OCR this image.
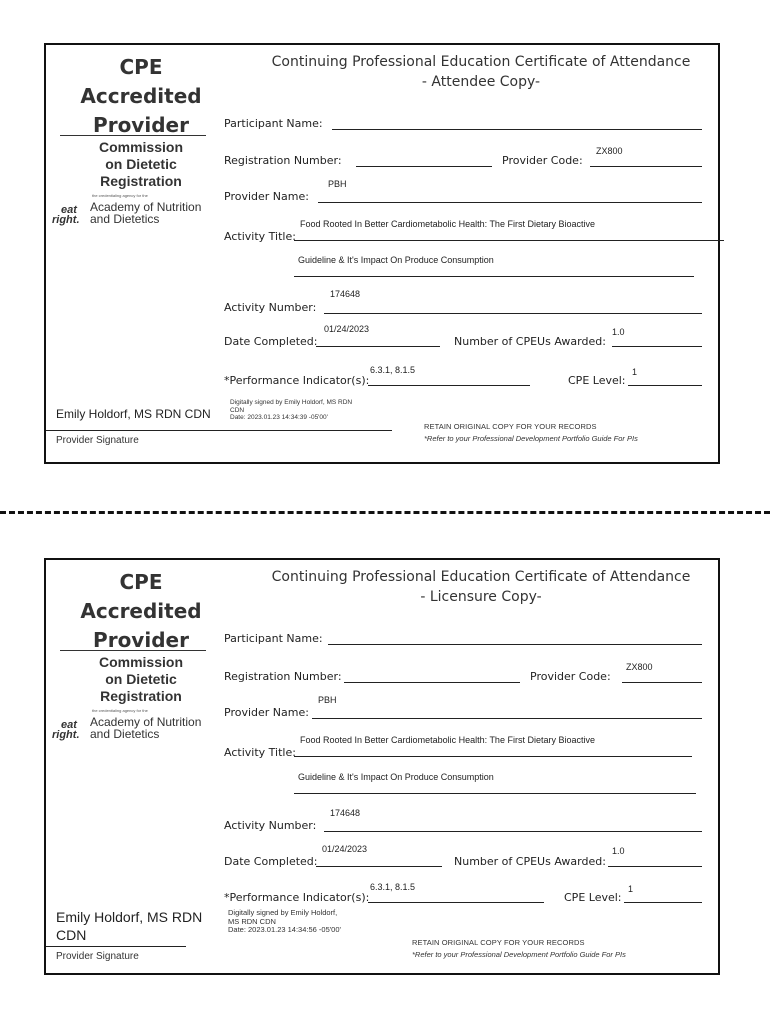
CPE
Accredited
Provider
Commission
on Dietetic
Registration
the credentialing agency for the
eat
right.
Academy of Nutrition
and Dietetics
Continuing Professional Education Certificate of Attendance
- Attendee Copy-
Participant Name:
Registration Number:	Provider Code:
ZX800
Provider Name:
PBH
Activity Title:
Food Rooted In Better Cardiometabolic Health: The First Dietary Bioactive
Guideline & It's Impact On Produce Consumption
Activity Number:
174648
Date Completed:
01/24/2023
Number of CPEUs Awarded:
1.0
*Performance Indicator(s):
6.3.1, 8.1.5
CPE Level:
1
Emily Holdorf, MS RDN CDN
Digitally signed by Emily Holdorf, MS RDN
CDN
Date: 2023.01.23 14:34:39 -05'00'
Provider Signature
RETAIN ORIGINAL COPY FOR YOUR RECORDS
*Refer to your Professional Development Portfolio Guide For PIs
CPE
Accredited
Provider
Commission
on Dietetic
Registration
the credentialing agency for the
eat
right.
Academy of Nutrition
and Dietetics
Continuing Professional Education Certificate of Attendance
- Licensure Copy-
Participant Name:
Registration Number:	Provider Code:
ZX800
Provider Name:
PBH
Activity Title:
Food Rooted In Better Cardiometabolic Health: The First Dietary Bioactive
Guideline & It's Impact On Produce Consumption
Activity Number:
174648
Date Completed:
01/24/2023
Number of CPEUs Awarded:
1.0
*Performance Indicator(s):
6.3.1, 8.1.5
CPE Level:
1
Emily Holdorf, MS RDN
CDN
Digitally signed by Emily Holdorf,
MS RDN CDN
Date: 2023.01.23 14:34:56 -05'00'
Provider Signature
RETAIN ORIGINAL COPY FOR YOUR RECORDS
*Refer to your Professional Development Portfolio Guide For PIs
